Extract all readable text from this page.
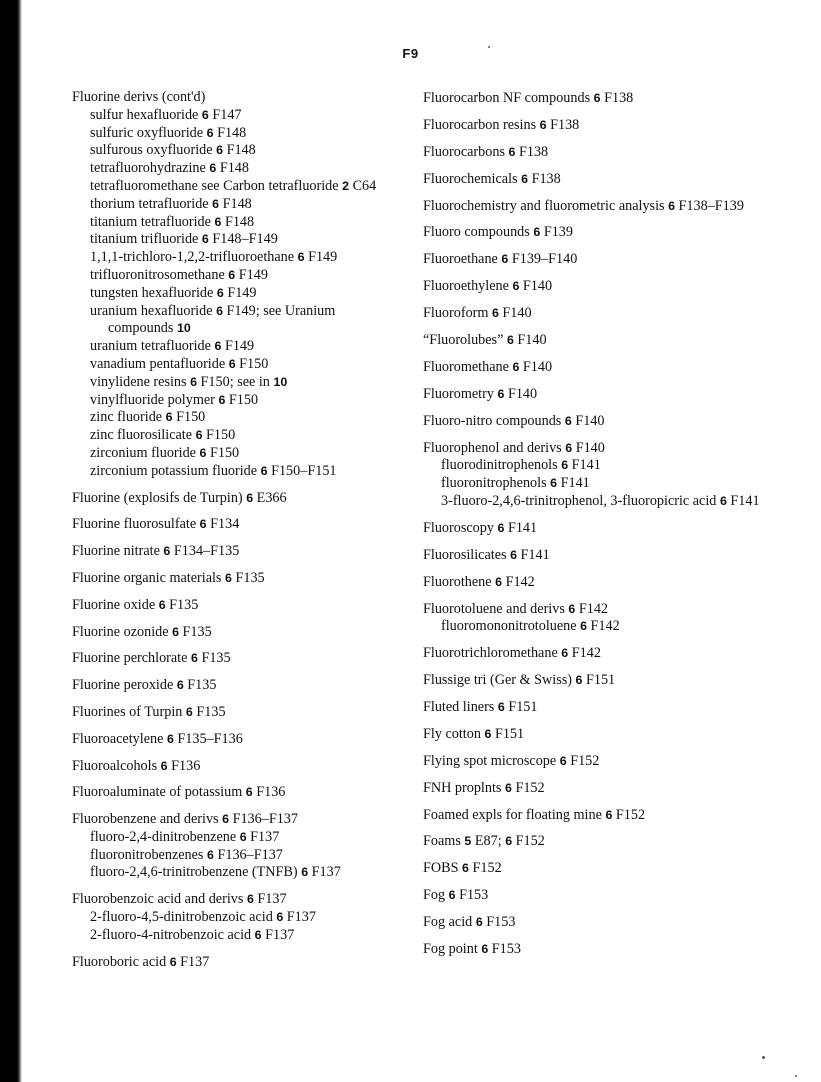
F9
Fluorine derivs (cont'd)
sulfur hexafluoride 6 F147
sulfuric oxyfluoride 6 F148
sulfurous oxyfluoride 6 F148
tetrafluorohydrazine 6 F148
tetrafluoromethane see Carbon tetrafluoride 2 C64
thorium tetrafluoride 6 F148
titanium tetrafluoride 6 F148
titanium trifluoride 6 F148–F149
1,1,1-trichloro-1,2,2-trifluoroethane 6 F149
trifluoronitrosomethane 6 F149
tungsten hexafluoride 6 F149
uranium hexafluoride 6 F149; see Uranium compounds 10
uranium tetrafluoride 6 F149
vanadium pentafluoride 6 F150
vinylidene resins 6 F150; see in 10
vinylfluoride polymer 6 F150
zinc fluoride 6 F150
zinc fluorosilicate 6 F150
zirconium fluoride 6 F150
zirconium potassium fluoride 6 F150–F151
Fluorine (explosifs de Turpin) 6 E366
Fluorine fluorosulfate 6 F134
Fluorine nitrate 6 F134–F135
Fluorine organic materials 6 F135
Fluorine oxide 6 F135
Fluorine ozonide 6 F135
Fluorine perchlorate 6 F135
Fluorine peroxide 6 F135
Fluorines of Turpin 6 F135
Fluoroacetylene 6 F135–F136
Fluoroalcohols 6 F136
Fluoroaluminate of potassium 6 F136
Fluorobenzene and derivs 6 F136–F137
fluoro-2,4-dinitrobenzene 6 F137
fluoronitrobenzenes 6 F136–F137
fluoro-2,4,6-trinitrobenzene (TNFB) 6 F137
Fluorobenzoic acid and derivs 6 F137
2-fluoro-4,5-dinitrobenzoic acid 6 F137
2-fluoro-4-nitrobenzoic acid 6 F137
Fluoroboric acid 6 F137
Fluorocarbon NF compounds 6 F138
Fluorocarbon resins 6 F138
Fluorocarbons 6 F138
Fluorochemicals 6 F138
Fluorochemistry and fluorometric analysis 6 F138–F139
Fluoro compounds 6 F139
Fluoroethane 6 F139–F140
Fluoroethylene 6 F140
Fluoroform 6 F140
“Fluorolubes” 6 F140
Fluoromethane 6 F140
Fluorometry 6 F140
Fluoro-nitro compounds 6 F140
Fluorophenol and derivs 6 F140
fluorodinitrophenols 6 F141
fluoronitrophenols 6 F141
3-fluoro-2,4,6-trinitrophenol, 3-fluoropicric acid 6 F141
Fluoroscopy 6 F141
Fluorosilicates 6 F141
Fluorothene 6 F142
Fluorotoluene and derivs 6 F142
fluoromononitrotoluene 6 F142
Fluorotrichloromethane 6 F142
Flussige tri (Ger & Swiss) 6 F151
Fluted liners 6 F151
Fly cotton 6 F151
Flying spot microscope 6 F152
FNH proplnts 6 F152
Foamed expls for floating mine 6 F152
Foams 5 E87; 6 F152
FOBS 6 F152
Fog 6 F153
Fog acid 6 F153
Fog point 6 F153
